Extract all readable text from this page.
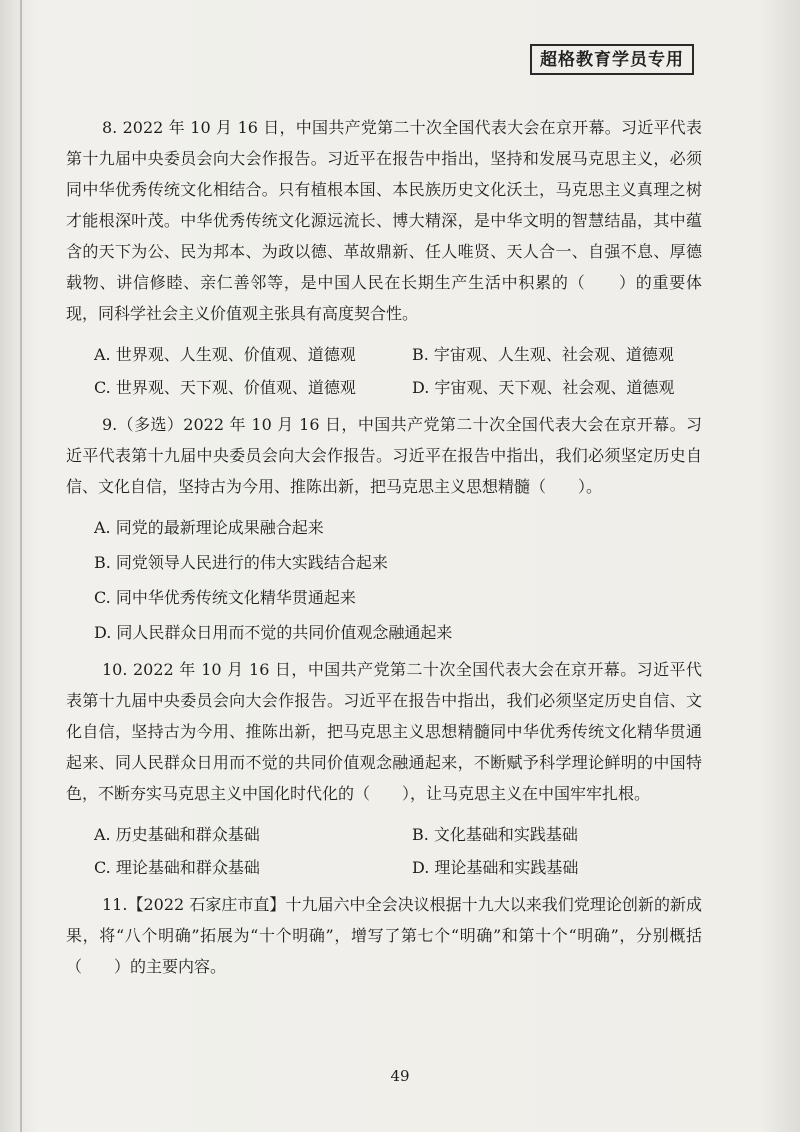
超格教育学员专用

8. 2022 年 10 月 16 日，中国共产党第二十次全国代表大会在京开幕。习近平代表第十九届中央委员会向大会作报告。习近平在报告中指出，坚持和发展马克思主义，必须同中华优秀传统文化相结合。只有植根本国、本民族历史文化沃土，马克思主义真理之树才能根深叶茂。中华优秀传统文化源远流长、博大精深，是中华文明的智慧结晶，其中蕴含的天下为公、民为邦本、为政以德、革故鼎新、任人唯贤、天人合一、自强不息、厚德载物、讲信修睦、亲仁善邻等，是中国人民在长期生产生活中积累的（　　）的重要体现，同科学社会主义价值观主张具有高度契合性。

A. 世界观、人生观、价值观、道德观	B. 宇宙观、人生观、社会观、道德观
C. 世界观、天下观、价值观、道德观	D. 宇宙观、天下观、社会观、道德观

9.（多选）2022 年 10 月 16 日，中国共产党第二十次全国代表大会在京开幕。习近平代表第十九届中央委员会向大会作报告。习近平在报告中指出，我们必须坚定历史自信、文化自信，坚持古为今用、推陈出新，把马克思主义思想精髓（　　）。

A. 同党的最新理论成果融合起来
B. 同党领导人民进行的伟大实践结合起来
C. 同中华优秀传统文化精华贯通起来
D. 同人民群众日用而不觉的共同价值观念融通起来

10. 2022 年 10 月 16 日，中国共产党第二十次全国代表大会在京开幕。习近平代表第十九届中央委员会向大会作报告。习近平在报告中指出，我们必须坚定历史自信、文化自信，坚持古为今用、推陈出新，把马克思主义思想精髓同中华优秀传统文化精华贯通起来、同人民群众日用而不觉的共同价值观念融通起来，不断赋予科学理论鲜明的中国特色，不断夯实马克思主义中国化时代化的（　　），让马克思主义在中国牢牢扎根。

A. 历史基础和群众基础	B. 文化基础和实践基础
C. 理论基础和群众基础	D. 理论基础和实践基础

11.【2022 石家庄市直】十九届六中全会决议根据十九大以来我们党理论创新的新成果，将“八个明确”拓展为“十个明确”，增写了第七个“明确”和第十个“明确”，分别概括（　　）的主要内容。

49
